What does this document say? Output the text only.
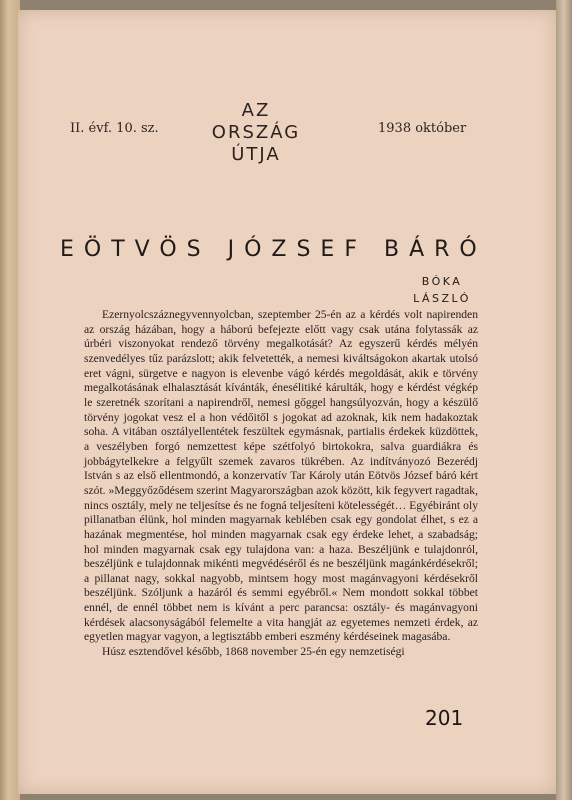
II. évf. 10. sz.
AZ
ORSZÁG
ÚTJA
1938 október
EÖTVÖS JÓZSEF BÁRÓ
BÓKA
LÁSZLÓ

Ezernyolcszáznegyvennyolcban, szeptember 25-én az a kérdés volt napirenden az ország házában, hogy a háború befejezte előtt vagy csak utána folytassák az úrbéri viszonyokat rendező törvény megalkotását? Az egyszerű kérdés mélyén szenvedélyes tűz parázslott; akik felvetették, a nemesi kiváltságokon akartak utolsó eret vágni, sürgetve e nagyon is elevenbe vágó kérdés megoldását, akik e törvény megalkotásának elhalasztását kívánták, énesélitiké kárulták, hogy e kérdést végkép le szeretnék szorítani a napirendről, nemesi gőggel hangsúlyozván, hogy a készülő törvény jogokat vesz el a hon védőitől s jogokat ad azoknak, kik nem hadakoztak soha. A vitában osztályellentétek feszültek egymásnak, partialis érdekek küzdöttek, a veszélyben forgó nemzettest képe szétfolyó birtokokra, salva guardiákra és jobbágytelkekre a felgyűlt szemek zavaros tükrében. Az indítványozó Bezerédj István s az első ellentmondó, a konzervatív Tar Károly után Eötvös József báró kért szót. »Meggyőződésem szerint Magyarországban azok között, kik fegyvert ragadtak, nincs osztály, mely ne teljesítse és ne fogná teljesíteni kötelességét… Egyébiránt oly pillanatban élünk, hol minden magyarnak keblében csak egy gondolat élhet, s ez a hazának megmentése, hol minden magyarnak csak egy érdeke lehet, a szabadság; hol minden magyarnak csak egy tulajdona van: a haza. Beszéljünk e tulajdonról, beszéljünk e tulajdonnak mikénti megvédéséről és ne beszéljünk magánkérdésekről; a pillanat nagy, sokkal nagyobb, mintsem hogy most magánvagyoni kérdésekről beszéljünk. Szóljunk a hazáról és semmi egyébről.« Nem mondott sokkal többet ennél, de ennél többet nem is kívánt a perc parancsa: osztály- és magánvagyoni kérdések alacsonyságából felemelte a vita hangját az egyetemes nemzeti érdek, az egyetlen magyar vagyon, a legtisztább emberi eszmény kérdéseinek magasába.

Húsz esztendővel később, 1868 november 25-én egy nemzetiségi

201
